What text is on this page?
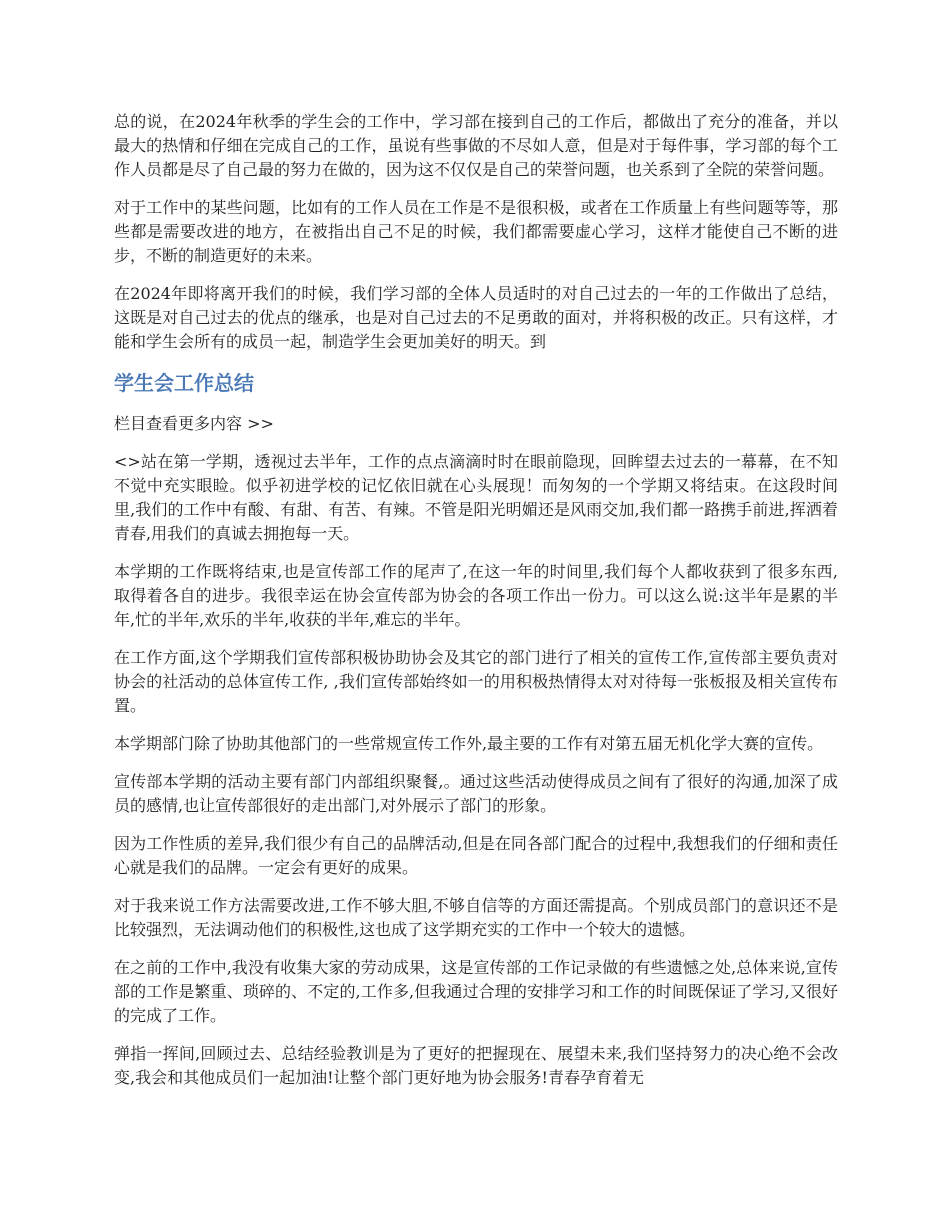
总的说，在2024年秋季的学生会的工作中，学习部在接到自己的工作后，都做出了充分的准备，并以最大的热情和仔细在完成自己的工作，虽说有些事做的不尽如人意，但是对于每件事，学习部的每个工作人员都是尽了自己最的努力在做的，因为这不仅仅是自己的荣誉问题，也关系到了全院的荣誉问题。

对于工作中的某些问题，比如有的工作人员在工作是不是很积极，或者在工作质量上有些问题等等，那些都是需要改进的地方，在被指出自己不足的时候，我们都需要虚心学习，这样才能使自己不断的进步，不断的制造更好的未来。

在2024年即将离开我们的时候，我们学习部的全体人员适时的对自己过去的一年的工作做出了总结，这既是对自己过去的优点的继承，也是对自己过去的不足勇敢的面对，并将积极的改正。只有这样，才能和学生会所有的成员一起，制造学生会更加美好的明天。到

学生会工作总结

栏目查看更多内容 >>

<>站在第一学期，透视过去半年，工作的点点滴滴时时在眼前隐现，回眸望去过去的一幕幕，在不知不觉中充实眼睑。似乎初进学校的记忆依旧就在心头展现！而匆匆的一个学期又将结束。在这段时间里,我们的工作中有酸、有甜、有苦、有辣。不管是阳光明媚还是风雨交加,我们都一路携手前进,挥洒着青春,用我们的真诚去拥抱每一天。

本学期的工作既将结束,也是宣传部工作的尾声了,在这一年的时间里,我们每个人都收获到了很多东西,取得着各自的进步。我很幸运在协会宣传部为协会的各项工作出一份力。可以这么说:这半年是累的半年,忙的半年,欢乐的半年,收获的半年,难忘的半年。

在工作方面,这个学期我们宣传部积极协助协会及其它的部门进行了相关的宣传工作,宣传部主要负责对协会的社活动的总体宣传工作, ,我们宣传部始终如一的用积极热情得太对对待每一张板报及相关宣传布置。

本学期部门除了协助其他部门的一些常规宣传工作外,最主要的工作有对第五届无机化学大赛的宣传。

宣传部本学期的活动主要有部门内部组织聚餐,。通过这些活动使得成员之间有了很好的沟通,加深了成员的感情,也让宣传部很好的走出部门,对外展示了部门的形象。

因为工作性质的差异,我们很少有自己的品牌活动,但是在同各部门配合的过程中,我想我们的仔细和责任心就是我们的品牌。一定会有更好的成果。

对于我来说工作方法需要改进,工作不够大胆,不够自信等的方面还需提高。个别成员部门的意识还不是比较强烈，无法调动他们的积极性,这也成了这学期充实的工作中一个较大的遗憾。

在之前的工作中,我没有收集大家的劳动成果，这是宣传部的工作记录做的有些遗憾之处,总体来说,宣传部的工作是繁重、琐碎的、不定的,工作多,但我通过合理的安排学习和工作的时间既保证了学习,又很好的完成了工作。

弹指一挥间,回顾过去、总结经验教训是为了更好的把握现在、展望未来,我们坚持努力的决心绝不会改变,我会和其他成员们一起加油!让整个部门更好地为协会服务!青春孕育着无
